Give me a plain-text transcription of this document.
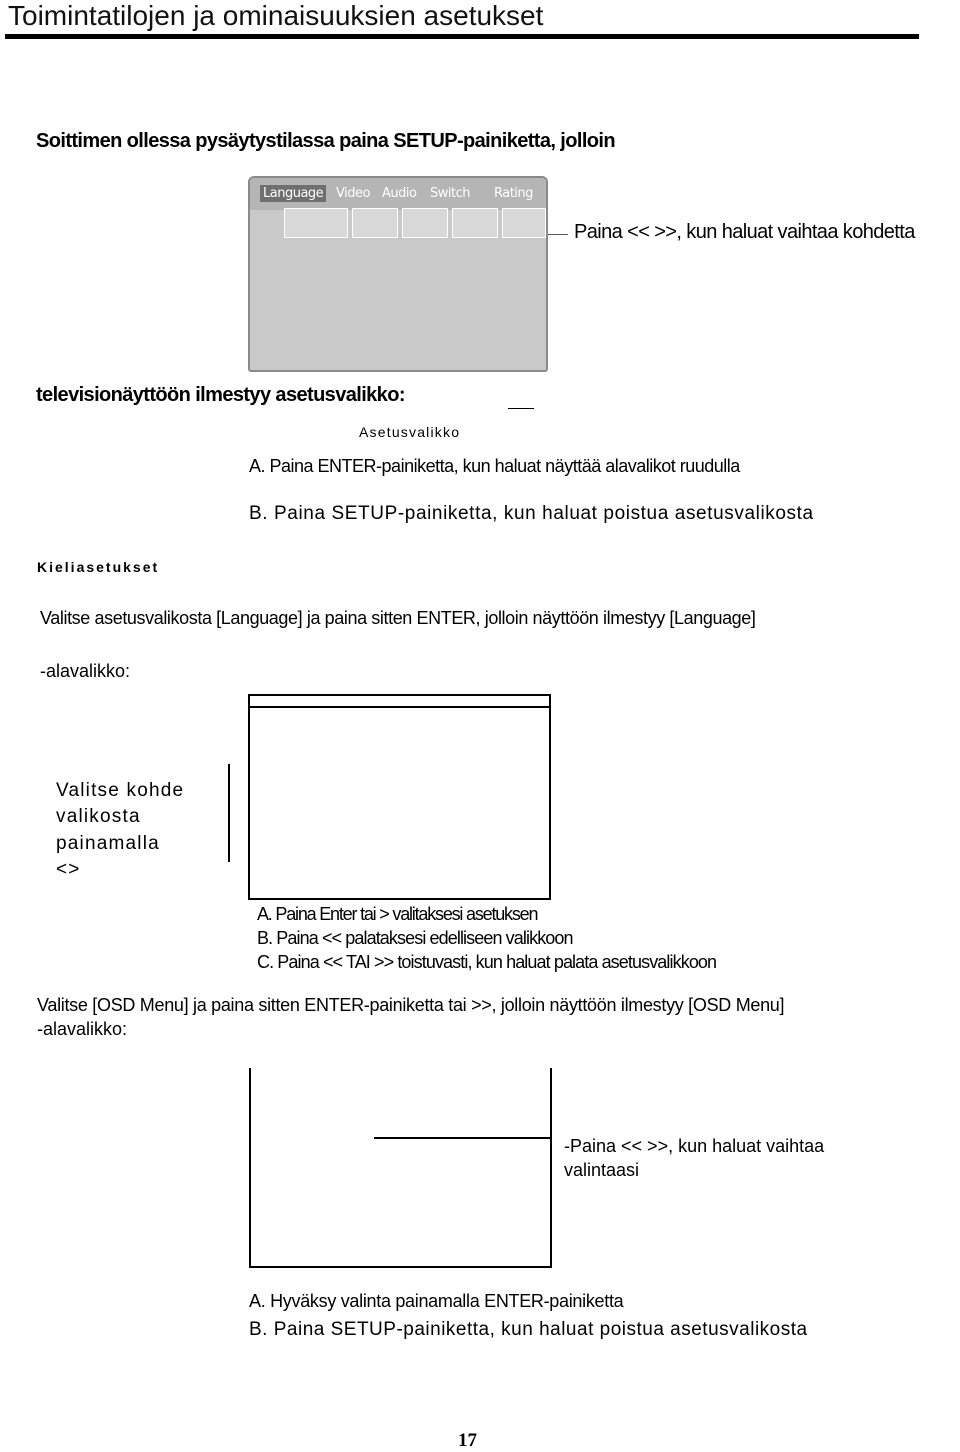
Toimintatilojen ja ominaisuuksien asetukset
Soittimen ollessa pysäytystilassa paina SETUP-painiketta, jolloin
Language Video Audio Switch Rating
Paina << >>, kun haluat vaihtaa kohdetta
televisionäyttöön ilmestyy asetusvalikko:
Asetusvalikko
A. Paina ENTER-painiketta, kun haluat näyttää alavalikot ruudulla
B. Paina SETUP-painiketta, kun haluat poistua asetusvalikosta
Kieliasetukset
Valitse asetusvalikosta [Language] ja paina sitten ENTER, jolloin näyttöön ilmestyy [Language]
-alavalikko:
Valitse kohde
valikosta
painamalla
<>
A. Paina Enter tai > valitaksesi asetuksen
B. Paina << palataksesi edelliseen valikkoon
C. Paina << TAI >> toistuvasti, kun haluat palata asetusvalikkoon
Valitse [OSD Menu] ja paina sitten ENTER-painiketta tai >>, jolloin näyttöön ilmestyy [OSD Menu]
-alavalikko:
-Paina << >>, kun haluat vaihtaa
valintaasi
A. Hyväksy valinta painamalla ENTER-painiketta
B. Paina SETUP-painiketta, kun haluat poistua asetusvalikosta
17
